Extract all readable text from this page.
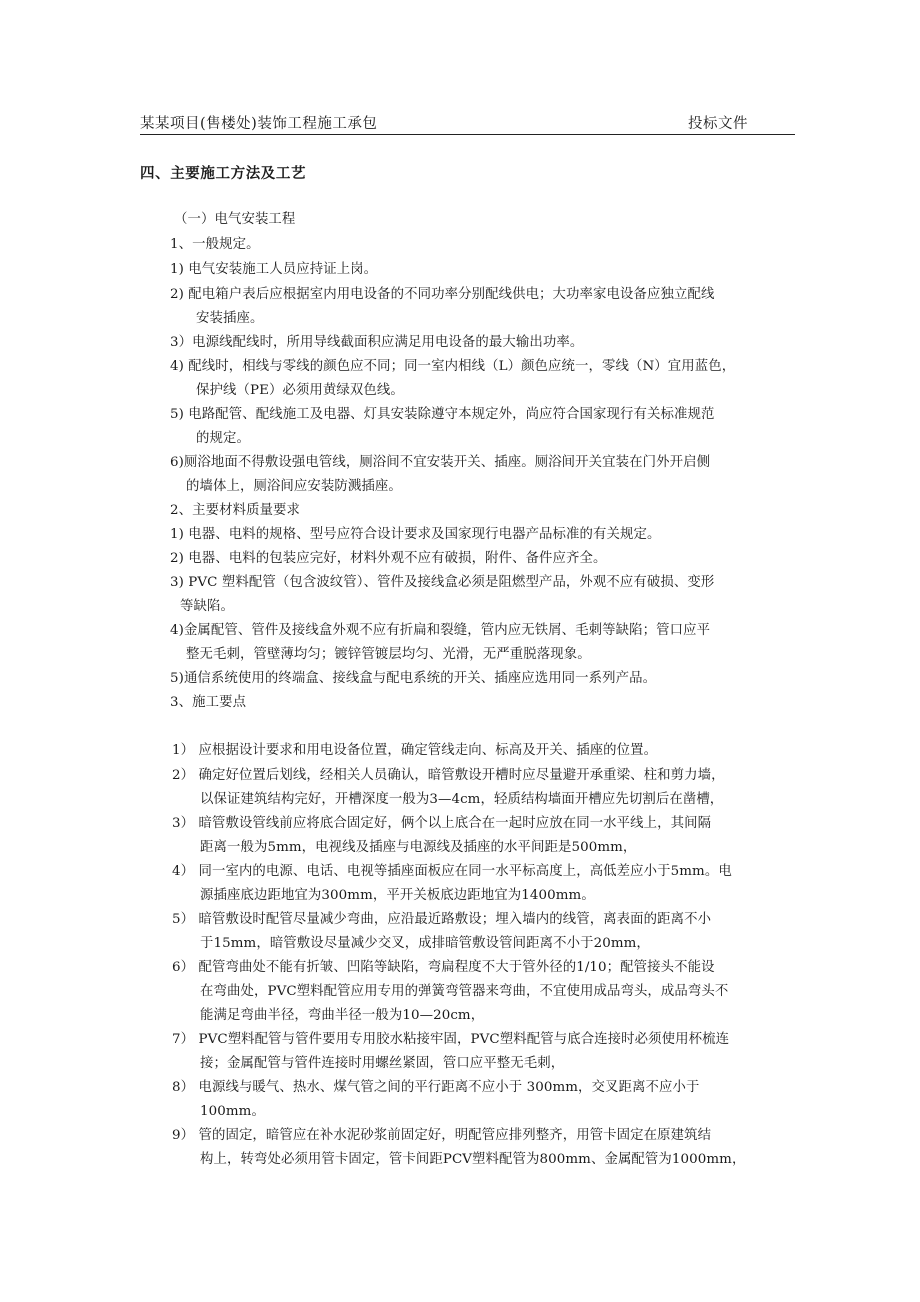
某某项目(售楼处)装饰工程施工承包	投标文件
四、主要施工方法及工艺
（一）电气安装工程
1、一般规定。
1) 电气安装施工人员应持证上岗。
2) 配电箱户表后应根据室内用电设备的不同功率分别配线供电；大功率家电设备应独立配线
安装插座。
3）电源线配线时，所用导线截面积应满足用电设备的最大输出功率。
4) 配线时，相线与零线的颜色应不同；同一室内相线（L）颜色应统一，零线（N）宜用蓝色，
保护线（PE）必须用黄绿双色线。
5) 电路配管、配线施工及电器、灯具安装除遵守本规定外，尚应符合国家现行有关标准规范
的规定。
6)厕浴地面不得敷设强电管线，厕浴间不宜安装开关、插座。厕浴间开关宜装在门外开启侧
的墙体上，厕浴间应安装防溅插座。
2、主要材料质量要求
1) 电器、电料的规格、型号应符合设计要求及国家现行电器产品标准的有关规定。
2) 电器、电料的包装应完好，材料外观不应有破损，附件、备件应齐全。
3) PVC 塑料配管（包含波纹管）、管件及接线盒必须是阻燃型产品，外观不应有破损、变形
等缺陷。
4)金属配管、管件及接线盒外观不应有折扁和裂缝，管内应无铁屑、毛刺等缺陷；管口应平
整无毛刺，管壁薄均匀；镀锌管镀层均匀、光滑，无严重脱落现象。
5)通信系统使用的终端盒、接线盒与配电系统的开关、插座应选用同一系列产品。
3、施工要点
1） 应根据设计要求和用电设备位置，确定管线走向、标高及开关、插座的位置。
2） 确定好位置后划线，经相关人员确认，暗管敷设开槽时应尽量避开承重梁、柱和剪力墙，
以保证建筑结构完好，开槽深度一般为3—4cm，轻质结构墙面开槽应先切割后在凿槽，
3） 暗管敷设管线前应将底合固定好，俩个以上底合在一起时应放在同一水平线上，其间隔
距离一般为5mm，电视线及插座与电源线及插座的水平间距是500mm，
4） 同一室内的电源、电话、电视等插座面板应在同一水平标高度上，高低差应小于5mm。电
源插座底边距地宜为300mm，平开关板底边距地宜为1400mm。
5） 暗管敷设时配管尽量减少弯曲，应沿最近路敷设；埋入墙内的线管，离表面的距离不小
于15mm，暗管敷设尽量减少交叉，成排暗管敷设管间距离不小于20mm，
6） 配管弯曲处不能有折皱、凹陷等缺陷，弯扁程度不大于管外径的1/10；配管接头不能设
在弯曲处，PVC塑料配管应用专用的弹簧弯管器来弯曲，不宜使用成品弯头，成品弯头不
能满足弯曲半径，弯曲半径一般为10—20cm，
7） PVC塑料配管与管件要用专用胶水粘接牢固，PVC塑料配管与底合连接时必须使用杯梳连
接；金属配管与管件连接时用螺丝紧固，管口应平整无毛刺，
8） 电源线与暖气、热水、煤气管之间的平行距离不应小于 300mm，交叉距离不应小于
100mm。
9） 管的固定，暗管应在补水泥砂浆前固定好，明配管应排列整齐，用管卡固定在原建筑结
构上，转弯处必须用管卡固定，管卡间距PCV塑料配管为800mm、金属配管为1000mm，
